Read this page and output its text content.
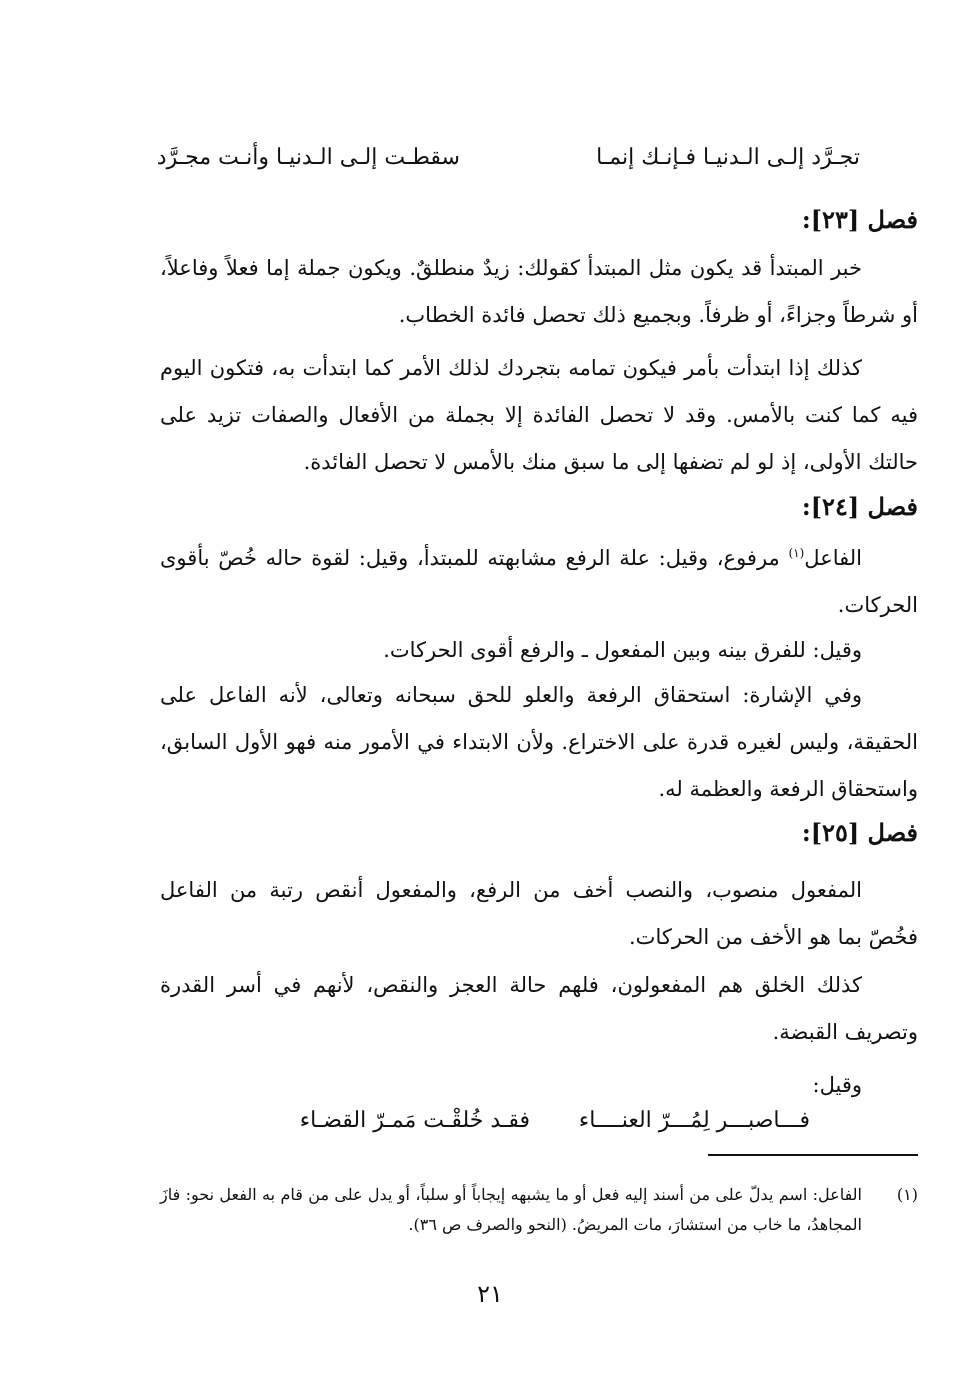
تجـرَّد إلـى الـدنيـا فـإنـك إنمـا
سقطـت إلـى الـدنيـا وأنـت مجـرَّد
فصل [٢٣]:
خبر المبتدأ قد يكون مثل المبتدأ كقولك: زيدٌ منطلقٌ. ويكون جملة إما فعلاً وفاعلاً، أو شرطاً وجزاءً، أو ظرفاً. وبجميع ذلك تحصل فائدة الخطاب.
كذلك إذا ابتدأت بأمر فيكون تمامه بتجردك لذلك الأمر كما ابتدأت به، فتكون اليوم فيه كما كنت بالأمس. وقد لا تحصل الفائدة إلا بجملة من الأفعال والصفات تزيد على حالتك الأولى، إذ لو لم تضفها إلى ما سبق منك بالأمس لا تحصل الفائدة.
فصل [٢٤]:
الفاعل$^{(١)}$ مرفوع، وقيل: علة الرفع مشابهته للمبتدأ، وقيل: لقوة حاله خُصّ بأقوى الحركات.
وقيل: للفرق بينه وبين المفعول ـ والرفع أقوى الحركات.
وفي الإشارة: استحقاق الرفعة والعلو للحق سبحانه وتعالى، لأنه الفاعل على الحقيقة، وليس لغيره قدرة على الاختراع. ولأن الابتداء في الأمور منه فهو الأول السابق، واستحقاق الرفعة والعظمة له.
فصل [٢٥]:
المفعول منصوب، والنصب أخف من الرفع، والمفعول أنقص رتبة من الفاعل فخُصّ بما هو الأخف من الحركات.
كذلك الخلق هم المفعولون، فلهم حالة العجز والنقص، لأنهم في أسر القدرة وتصريف القبضة.
وقيل:
فـــاصبـــر لِمُـــرّ العنــــاء
فقـد خُلقْـت مَمـرّ القضـاء
(١)
الفاعل: اسم يدلّ على من أسند إليه فعل أو ما يشبهه إيجاباً أو سلباً، أو يدل على من قام به الفعل نحو: فازَ المجاهدُ، ما خاب من استشارَ، مات المريضُ. (النحو والصرف ص ٣٦).
٢١
